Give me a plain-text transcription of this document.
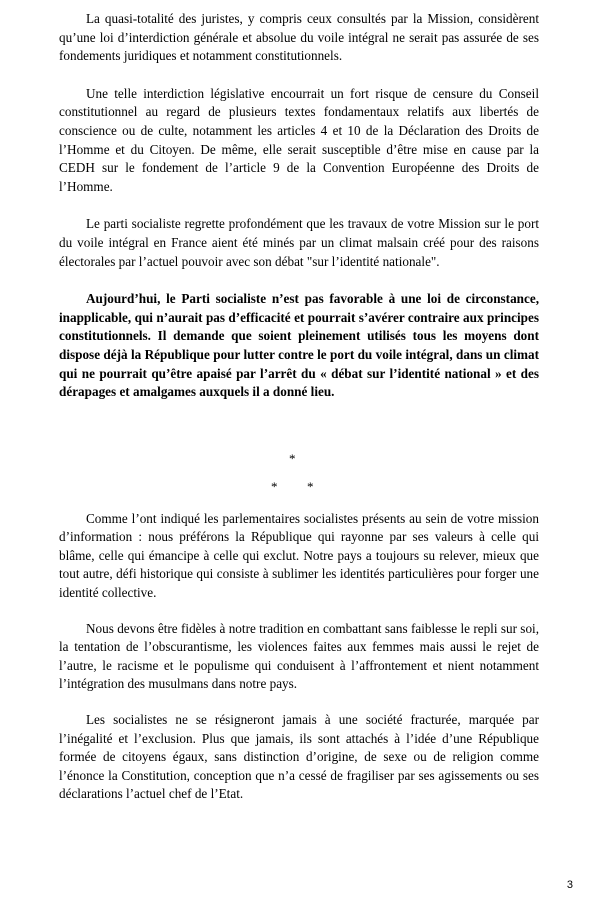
La quasi-totalité des juristes, y compris ceux consultés par la Mission, considèrent qu’une loi d’interdiction générale et absolue du voile intégral ne serait pas assurée de ses fondements juridiques et notamment constitutionnels.

Une telle interdiction législative encourrait un fort risque de censure du Conseil constitutionnel au regard de plusieurs textes fondamentaux relatifs aux libertés de conscience ou de culte, notamment les articles 4 et 10 de la Déclaration des Droits de l’Homme et du Citoyen. De même, elle serait susceptible d’être mise en cause par la CEDH sur le fondement de l’article 9 de la Convention Européenne des Droits de l’Homme.

Le parti socialiste regrette profondément que les travaux de votre Mission sur le port du voile intégral en France aient été minés par un climat malsain créé pour des raisons électorales par l’actuel pouvoir avec son débat "sur l’identité nationale".

Aujourd’hui, le Parti socialiste n’est pas favorable à une loi de circonstance, inapplicable, qui n’aurait pas d’efficacité et pourrait s’avérer contraire aux principes constitutionnels. Il demande que soient pleinement utilisés tous les moyens dont dispose déjà la République pour lutter contre le port du voile intégral, dans un climat qui ne pourrait qu’être apaisé par l’arrêt du « débat sur l’identité national » et des dérapages et amalgames auxquels il a donné lieu.

*
* *

Comme l’ont indiqué les parlementaires socialistes présents au sein de votre mission d’information : nous préférons la République qui rayonne par ses valeurs à celle qui blâme, celle qui émancipe à celle qui exclut. Notre pays a toujours su relever, mieux que tout autre, défi historique qui consiste à sublimer les identités particulières pour forger une identité collective.

Nous devons être fidèles à notre tradition en combattant sans faiblesse le repli sur soi, la tentation de l’obscurantisme, les violences faites aux femmes mais aussi le rejet de l’autre, le racisme et le populisme qui conduisent à l’affrontement et nient notamment l’intégration des musulmans dans notre pays.

Les socialistes ne se résigneront jamais à une société fracturée, marquée par l’inégalité et l’exclusion. Plus que jamais, ils sont attachés à l’idée d’une République formée de citoyens égaux, sans distinction d’origine, de sexe ou de religion comme l’énonce la Constitution, conception que n’a cessé de fragiliser par ses agissements ou ses déclarations l’actuel chef de l’Etat.

3
